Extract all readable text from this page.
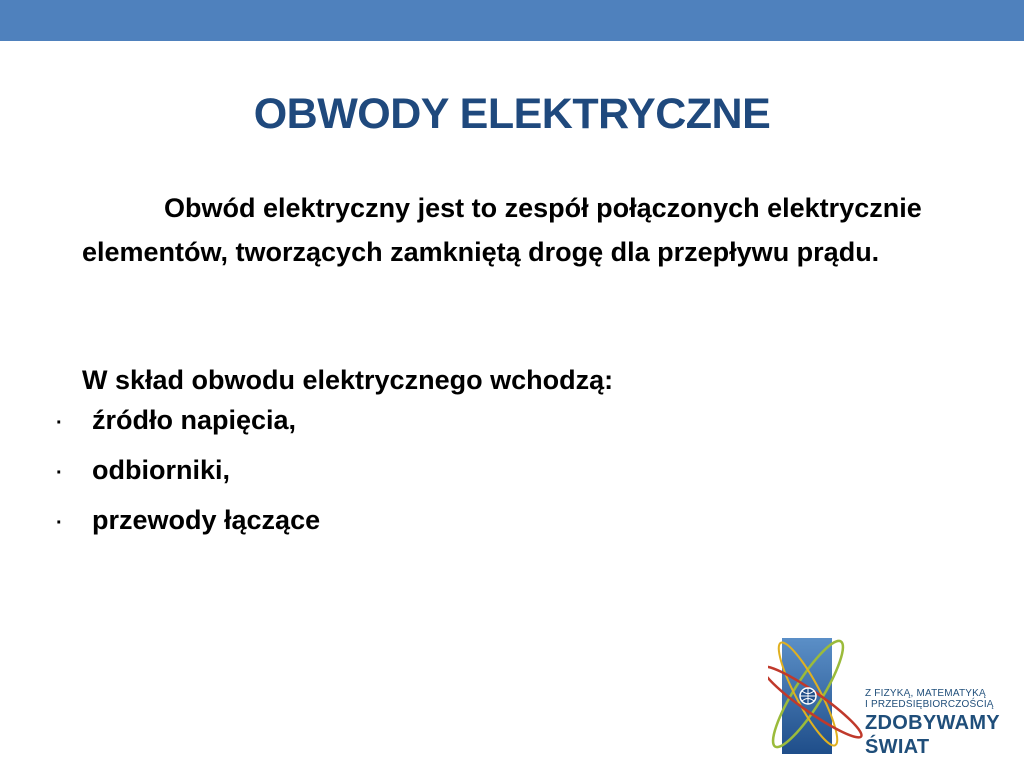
OBWODY ELEKTRYCZNE

Obwód elektryczny jest to zespół połączonych elektrycznie elementów, tworzących zamkniętą drogę dla przepływu prądu.

W skład obwodu elektrycznego wchodzą:

·	źródło napięcia,
·	odbiorniki,
·	przewody łączące
Z FIZYKĄ, MATEMATYKĄ
I PRZEDSIĘBIORCZOŚCIĄ
ZDOBYWAMY
ŚWIAT
